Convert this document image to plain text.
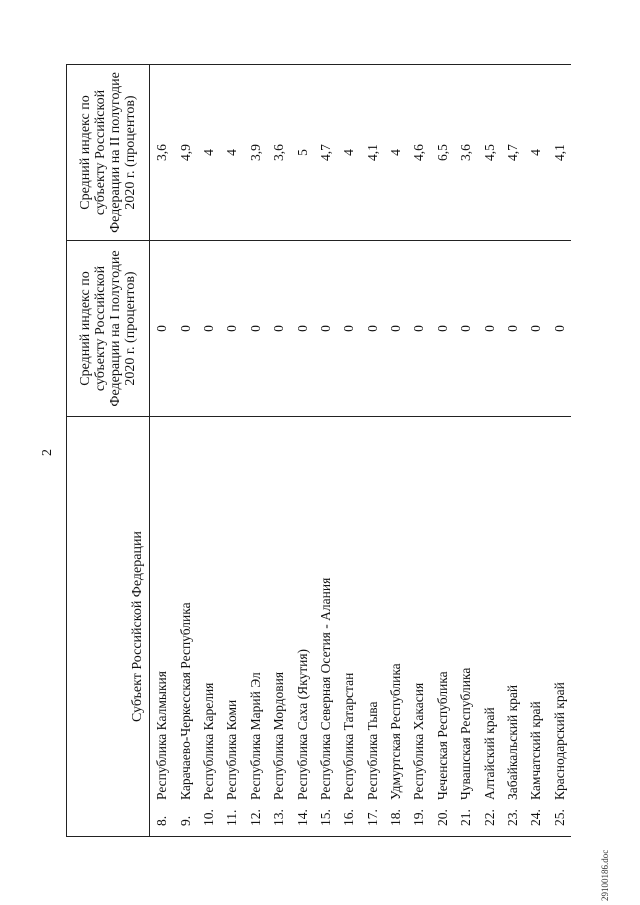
2
Субъект Российской Федерации	Средний индекс по субъекту Российской Федерации на I полугодие 2020 г. (процентов)	Средний индекс по субъекту Российской Федерации на II полугодие 2020 г. (процентов)
8.Республика Калмыкия	0	3,6
9.Карачаево-Черкесская Республика	0	4,9
10.Республика Карелия	0	4
11.Республика Коми	0	4
12.Республика Марий Эл	0	3,9
13.Республика Мордовия	0	3,6
14.Республика Саха (Якутия)	0	5
15.Республика Северная Осетия - Алания	0	4,7
16.Республика Татарстан	0	4
17.Республика Тыва	0	4,1
18.Удмуртская Республика	0	4
19.Республика Хакасия	0	4,6
20.Чеченская Республика	0	6,5
21.Чувашская Республика	0	3,6
22.Алтайский край	0	4,5
23.Забайкальский край	0	4,7
24.Камчатский край	0	4
25.Краснодарский край	0	4,1
29100186.doc
